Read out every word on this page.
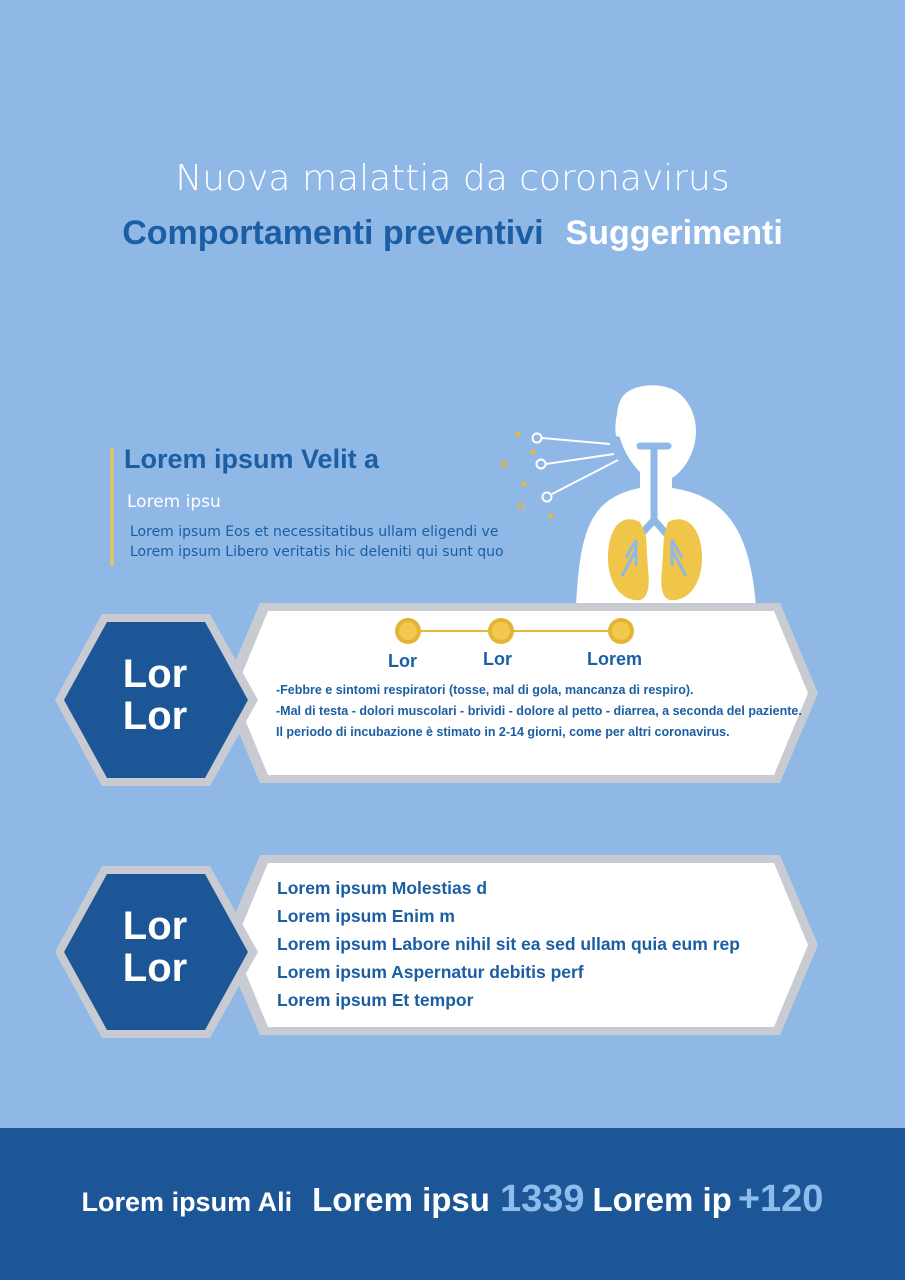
Nuova malattia da coronavirus
Comportamenti preventivi Suggerimenti
Lorem ipsum Velit a
Lorem ipsu
Lorem ipsum Eos et necessitatibus ullam eligendi ve
Lorem ipsum Libero veritatis hic deleniti qui sunt quo
Lor
Lor
Lor	Lor	Lorem
-Febbre e sintomi respiratori (tosse, mal di gola, mancanza di respiro).
-Mal di testa - dolori muscolari - brividi - dolore al petto - diarrea, a seconda del paziente.
Il periodo di incubazione è stimato in 2-14 giorni, come per altri coronavirus.
Lor
Lor
Lorem ipsum Molestias d
Lorem ipsum Enim m
Lorem ipsum Labore nihil sit ea sed ullam quia eum rep
Lorem ipsum Aspernatur debitis perf
Lorem ipsum Et tempor
Lorem ipsum Ali Lorem ipsu 1339 Lorem ip +120
